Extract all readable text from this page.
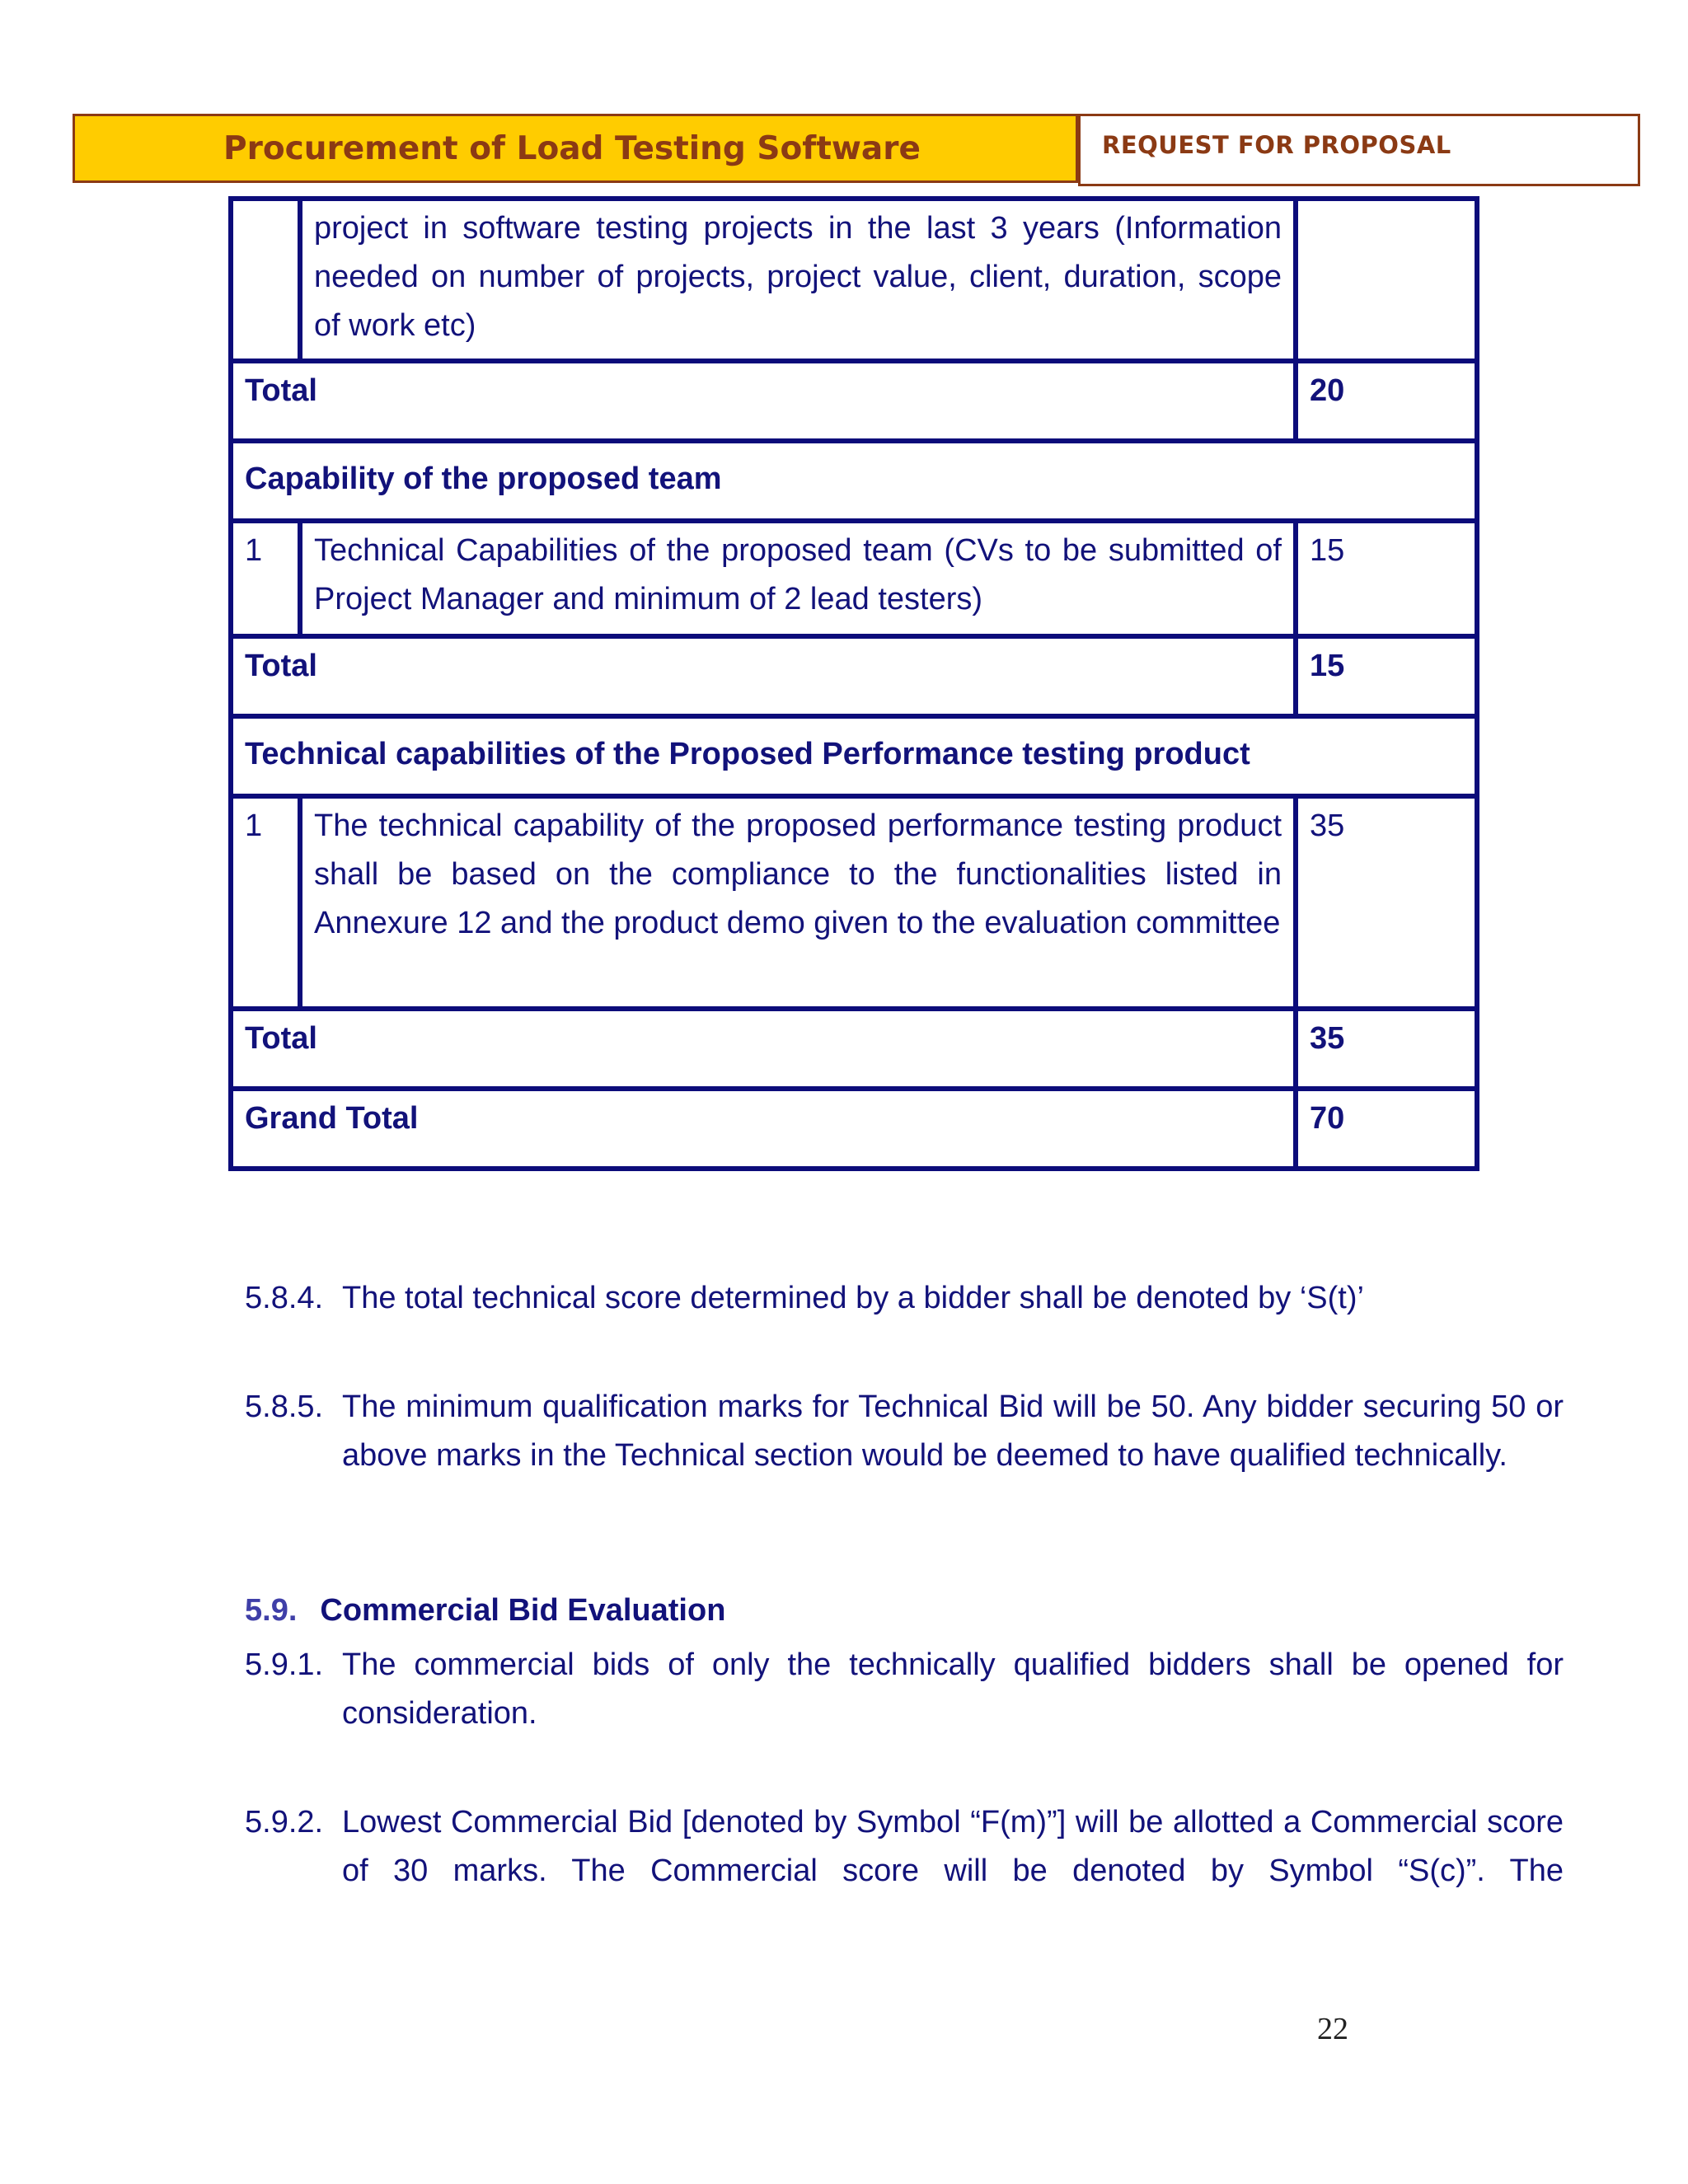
Procurement of Load Testing Software	REQUEST FOR PROPOSAL
	project in software testing projects in the last 3 years (Information needed on number of projects, project value, client, duration, scope of work etc)	
Total		20
Capability of the proposed team		
1	Technical Capabilities of the proposed team (CVs to be submitted of Project Manager and minimum of 2 lead testers)	15
Total		15
Technical capabilities of the Proposed Performance testing product		
1	The technical capability of the proposed performance testing product shall be based on the compliance to the functionalities listed in Annexure 12 and the product demo given to the evaluation committee	35
Total		35
Grand Total		70
5.8.4. The total technical score determined by a bidder shall be denoted by ‘S(t)’
5.8.5. The minimum qualification marks for Technical Bid will be 50. Any bidder securing 50 or above marks in the Technical section would be deemed to have qualified technically.
5.9. Commercial Bid Evaluation
5.9.1. The commercial bids of only the technically qualified bidders shall be opened for consideration.
5.9.2. Lowest Commercial Bid [denoted by Symbol “F(m)”] will be allotted a Commercial score of 30 marks. The Commercial score will be denoted by Symbol “S(c)”. The
22
